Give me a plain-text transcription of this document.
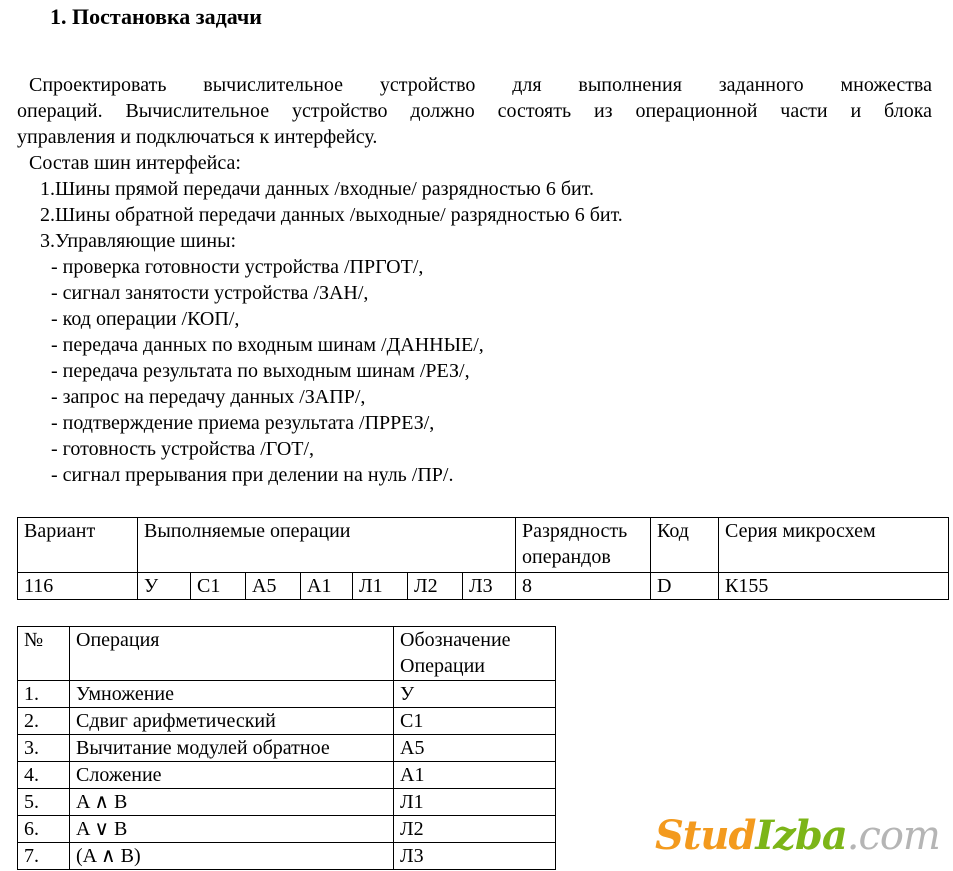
1. Постановка задачи
Спроектировать вычислительное устройство для выполнения заданного множества
операций. Вычислительное устройство должно состоять из операционной части и блока
управления и подключаться к интерфейсу.
Состав шин интерфейса:
1.Шины прямой передачи данных /входные/ разрядностью 6 бит.
2.Шины обратной передачи данных /выходные/ разрядностью 6 бит.
3.Управляющие шины:
- проверка готовности устройства /ПРГОТ/,
- сигнал занятости устройства /ЗАН/,
- код операции /КОП/,
- передача данных по входным шинам /ДАННЫЕ/,
- передача результата по выходным шинам /РЕЗ/,
- запрос на передачу данных /ЗАПР/,
- подтверждение приема результата /ПРРЕЗ/,
- готовность устройства /ГОТ/,
- сигнал прерывания при делении на нуль /ПР/.
Вариант	Выполняемые операции							Разрядность операндов	Код	Серия микросхем
116	У	С1	А5	А1	Л1	Л2	Л3	8	D	К155
№	Операция	Обозначение Операции
1.	Умножение	У
2.	Сдвиг арифметический	С1
3.	Вычитание модулей обратное	А5
4.	Сложение	А1
5.	A ∧ B	Л1
6.	A ∨ B	Л2
7.	(A ∧ B)	Л3	StudIzba.com
